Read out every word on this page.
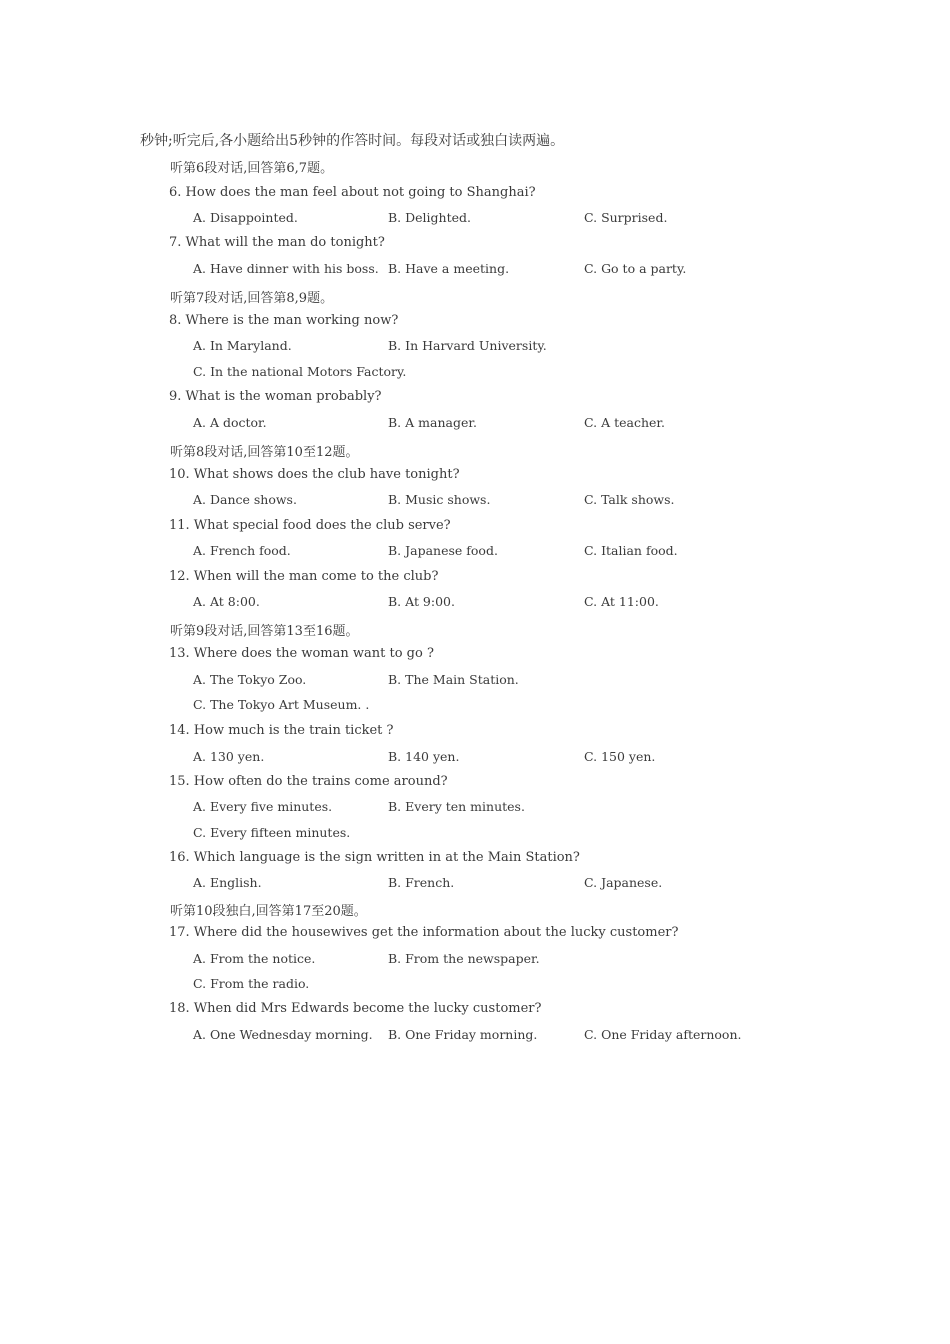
秒钟;听完后,各小题给出5秒钟的作答时间。每段对话或独白读两遍。
听第6段对话,回答第6,7题。
6. How does the man feel about not going to Shanghai?
A. Disappointed.	B. Delighted.	C. Surprised.
7. What will the man do tonight?
A. Have dinner with his boss. B. Have a meeting.	C. Go to a party.
听第7段对话,回答第8,9题。
8. Where is the man working now?
A. In Maryland.	B. In Harvard University.
C. In the national Motors Factory.
9. What is the woman probably?
A. A doctor.	B. A manager.	C. A teacher.
听第8段对话,回答第10至12题。
10. What shows does the club have tonight?
A. Dance shows.	B. Music shows.	C. Talk shows.
11. What special food does the club serve?
A. French food.	B. Japanese food.	C. Italian food.
12. When will the man come to the club?
A. At 8:00.	B. At 9:00.	C. At 11:00.
听第9段对话,回答第13至16题。
13. Where does the woman want to go ?
A. The Tokyo Zoo.	B. The Main Station.
C. The Tokyo Art Museum. .
14. How much is the train ticket ?
A. 130 yen.	B. 140 yen.	C. 150 yen.
15. How often do the trains come around?
A. Every five minutes.	B. Every ten minutes.
C. Every fifteen minutes.
16. Which language is the sign written in at the Main Station?
A. English.	B. French.	C. Japanese.
听第10段独白,回答第17至20题。
17. Where did the housewives get the information about the lucky customer?
A. From the notice.	B. From the newspaper.
C. From the radio.
18. When did Mrs Edwards become the lucky customer?
A. One Wednesday morning. B. One Friday morning.	C. One Friday afternoon.
